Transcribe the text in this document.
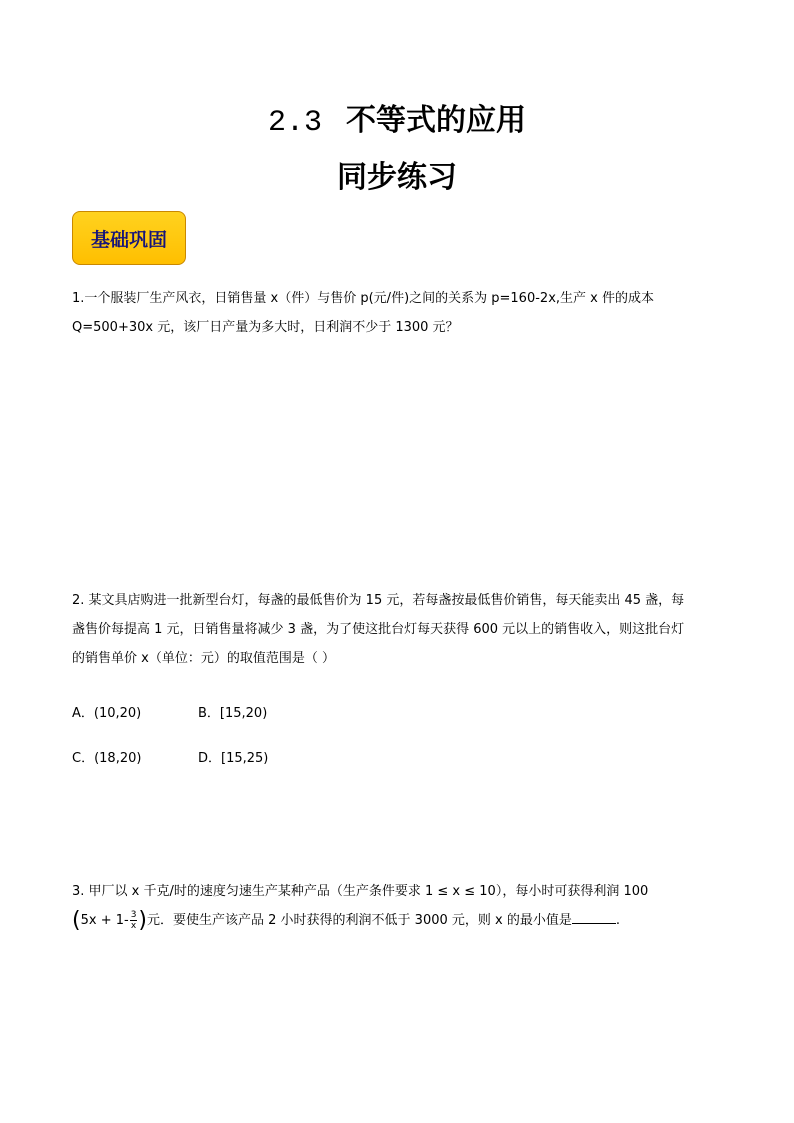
2.3 不等式的应用
同步练习
基础巩固
1.一个服装厂生产风衣，日销售量 x（件）与售价 p(元/件)之间的关系为 p=160-2x,生产 x 件的成本
Q=500+30x 元，该厂日产量为多大时，日利润不少于 1300 元？
2. 某文具店购进一批新型台灯，每盏的最低售价为 15 元，若每盏按最低售价销售，每天能卖出 45 盏，每
盏售价每提高 1 元，日销售量将减少 3 盏，为了使这批台灯每天获得 600 元以上的销售收入，则这批台灯
的销售单价 x（单位：元）的取值范围是（ ）
A．(10,20)	B．[15,20)
C．(18,20)	D．[15,25)
3. 甲厂以 x 千克/时的速度匀速生产某种产品（生产条件要求 1 ≤ x ≤ 10），每小时可获得利润 100
($5x + 1- \frac{3}{x}$ )元．要使生产该产品 2 小时获得的利润不低于 3000 元，则 x 的最小值是	.
